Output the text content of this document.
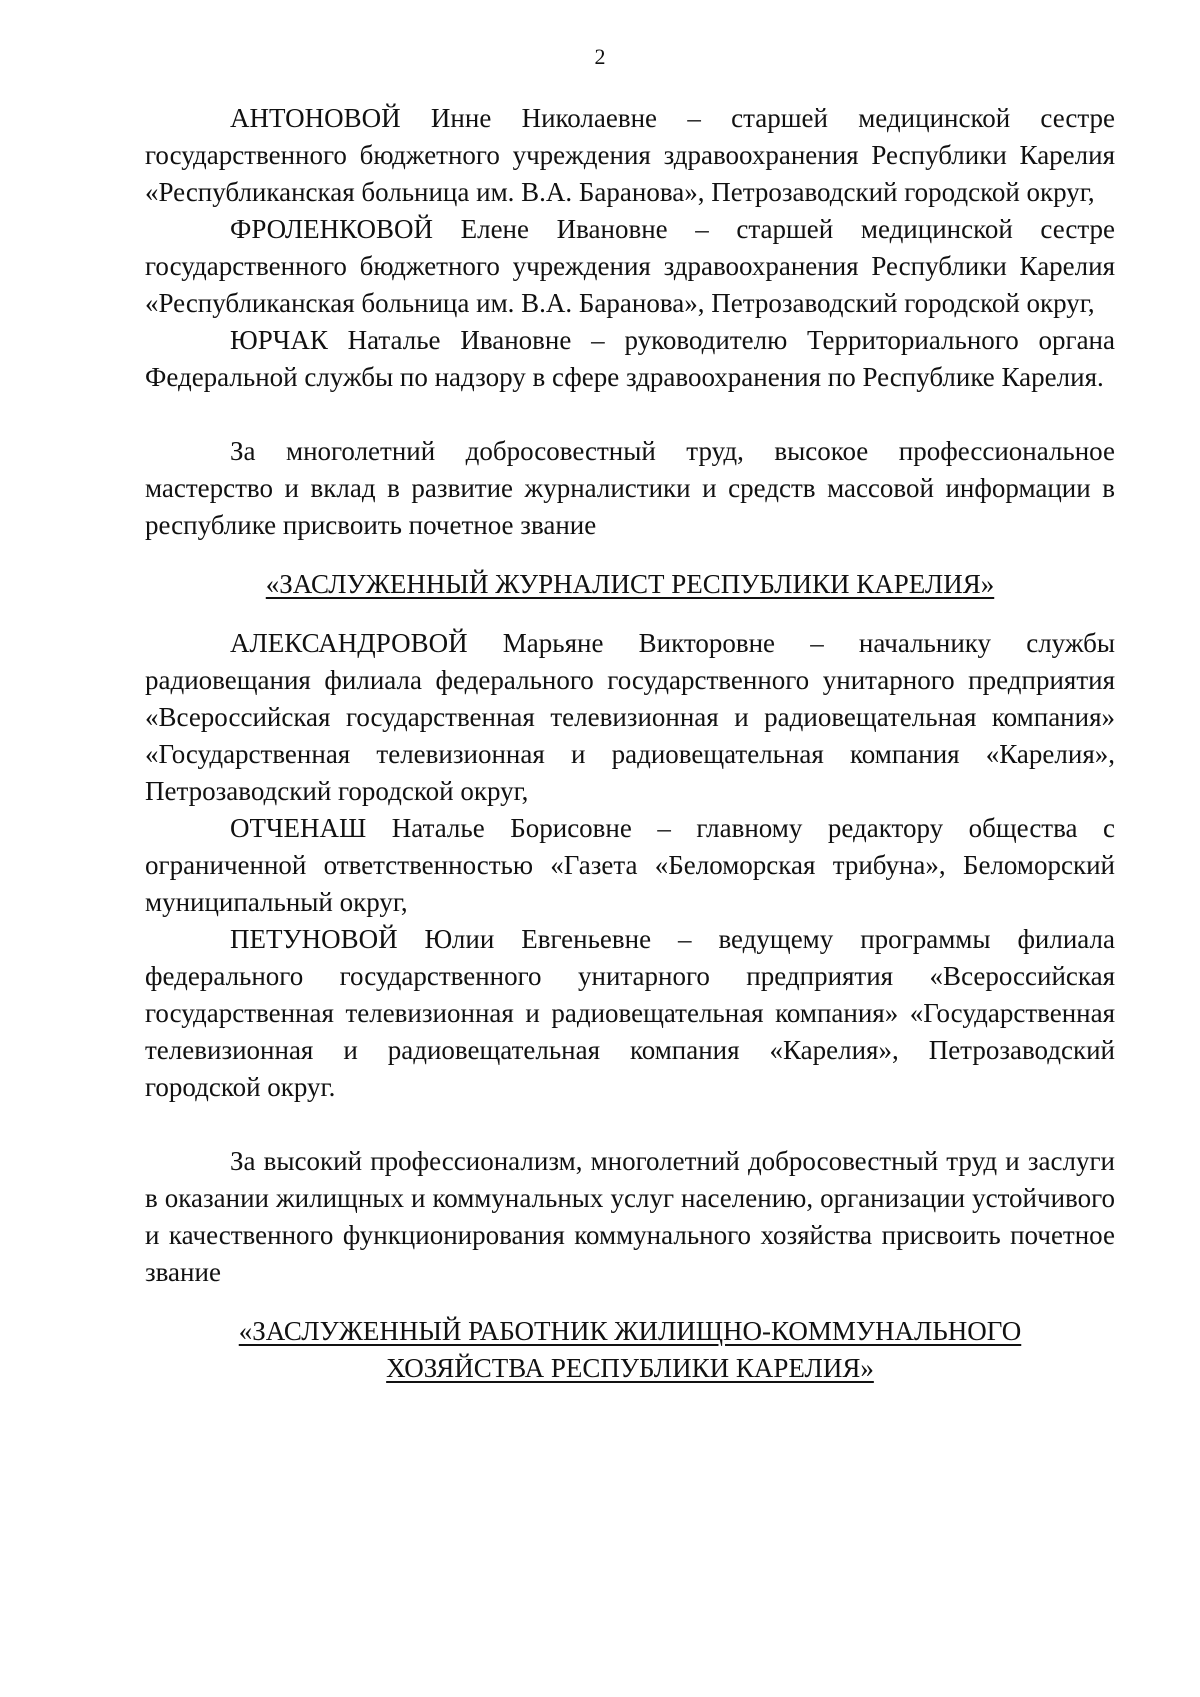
2

АНТОНОВОЙ Инне Николаевне – старшей медицинской сестре государственного бюджетного учреждения здравоохранения Республики Карелия «Республиканская больница им. В.А. Баранова», Петрозаводский городской округ,

ФРОЛЕНКОВОЙ Елене Ивановне – старшей медицинской сестре государственного бюджетного учреждения здравоохранения Республики Карелия «Республиканская больница им. В.А. Баранова», Петрозаводский городской округ,

ЮРЧАК Наталье Ивановне – руководителю Территориального органа Федеральной службы по надзору в сфере здравоохранения по Республике Карелия.

За многолетний добросовестный труд, высокое профессиональное мастерство и вклад в развитие журналистики и средств массовой информации в республике присвоить почетное звание

«ЗАСЛУЖЕННЫЙ ЖУРНАЛИСТ РЕСПУБЛИКИ КАРЕЛИЯ»

АЛЕКСАНДРОВОЙ Марьяне Викторовне – начальнику службы радиовещания филиала федерального государственного унитарного предприятия «Всероссийская государственная телевизионная и радиовещательная компания» «Государственная телевизионная и радиовещательная компания «Карелия», Петрозаводский городской округ,

ОТЧЕНАШ Наталье Борисовне – главному редактору общества с ограниченной ответственностью «Газета «Беломорская трибуна», Беломорский муниципальный округ,

ПЕТУНОВОЙ Юлии Евгеньевне – ведущему программы филиала федерального государственного унитарного предприятия «Всероссийская государственная телевизионная и радиовещательная компания» «Государственная телевизионная и радиовещательная компания «Карелия», Петрозаводский городской округ.

За высокий профессионализм, многолетний добросовестный труд и заслуги в оказании жилищных и коммунальных услуг населению, организации устойчивого и качественного функционирования коммунального хозяйства присвоить почетное звание

«ЗАСЛУЖЕННЫЙ РАБОТНИК ЖИЛИЩНО-КОММУНАЛЬНОГО
ХОЗЯЙСТВА РЕСПУБЛИКИ КАРЕЛИЯ»
